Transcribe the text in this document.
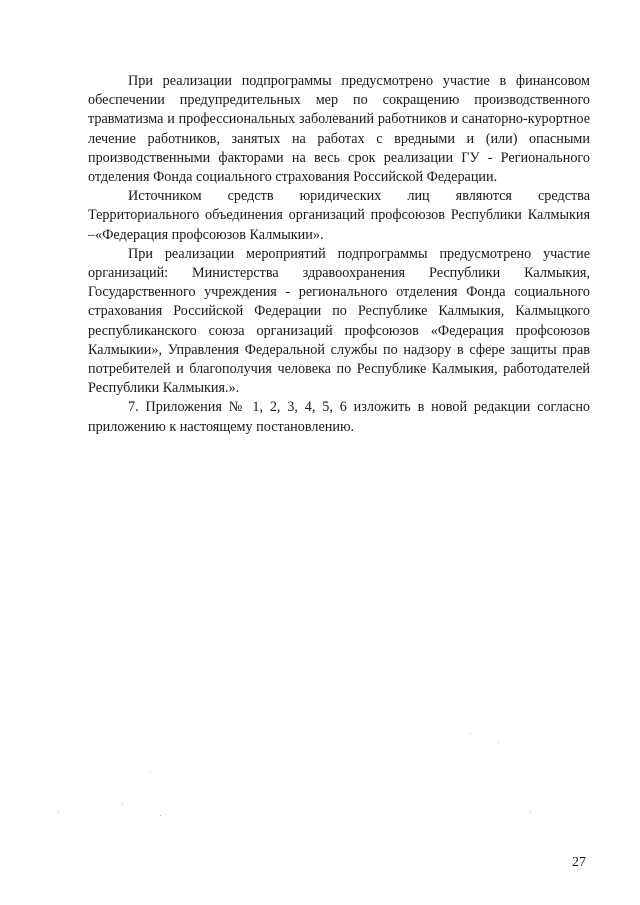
При реализации подпрограммы предусмотрено участие в финансовом обеспечении предупредительных мер по сокращению производственного травматизма и профессиональных заболеваний работников и санаторно-курортное лечение работников, занятых на работах с вредными и (или) опасными производственными факторами на весь срок реализации ГУ - Регионального отделения Фонда социального страхования Российской Федерации.

Источником средств юридических лиц являются средства Территориального объединения организаций профсоюзов Республики Калмыкия –«Федерация профсоюзов Калмыкии».

При реализации мероприятий подпрограммы предусмотрено участие организаций: Министерства здравоохранения Республики Калмыкия, Государственного учреждения - регионального отделения Фонда социального страхования Российской Федерации по Республике Калмыкия, Калмыцкого республиканского союза организаций профсоюзов «Федерация профсоюзов Калмыкии», Управления Федеральной службы по надзору в сфере защиты прав потребителей и благополучия человека по Республике Калмыкия, работодателей Республики Калмыкия.».

7. Приложения № 1, 2, 3, 4, 5, 6 изложить в новой редакции согласно приложению к настоящему постановлению.

27
